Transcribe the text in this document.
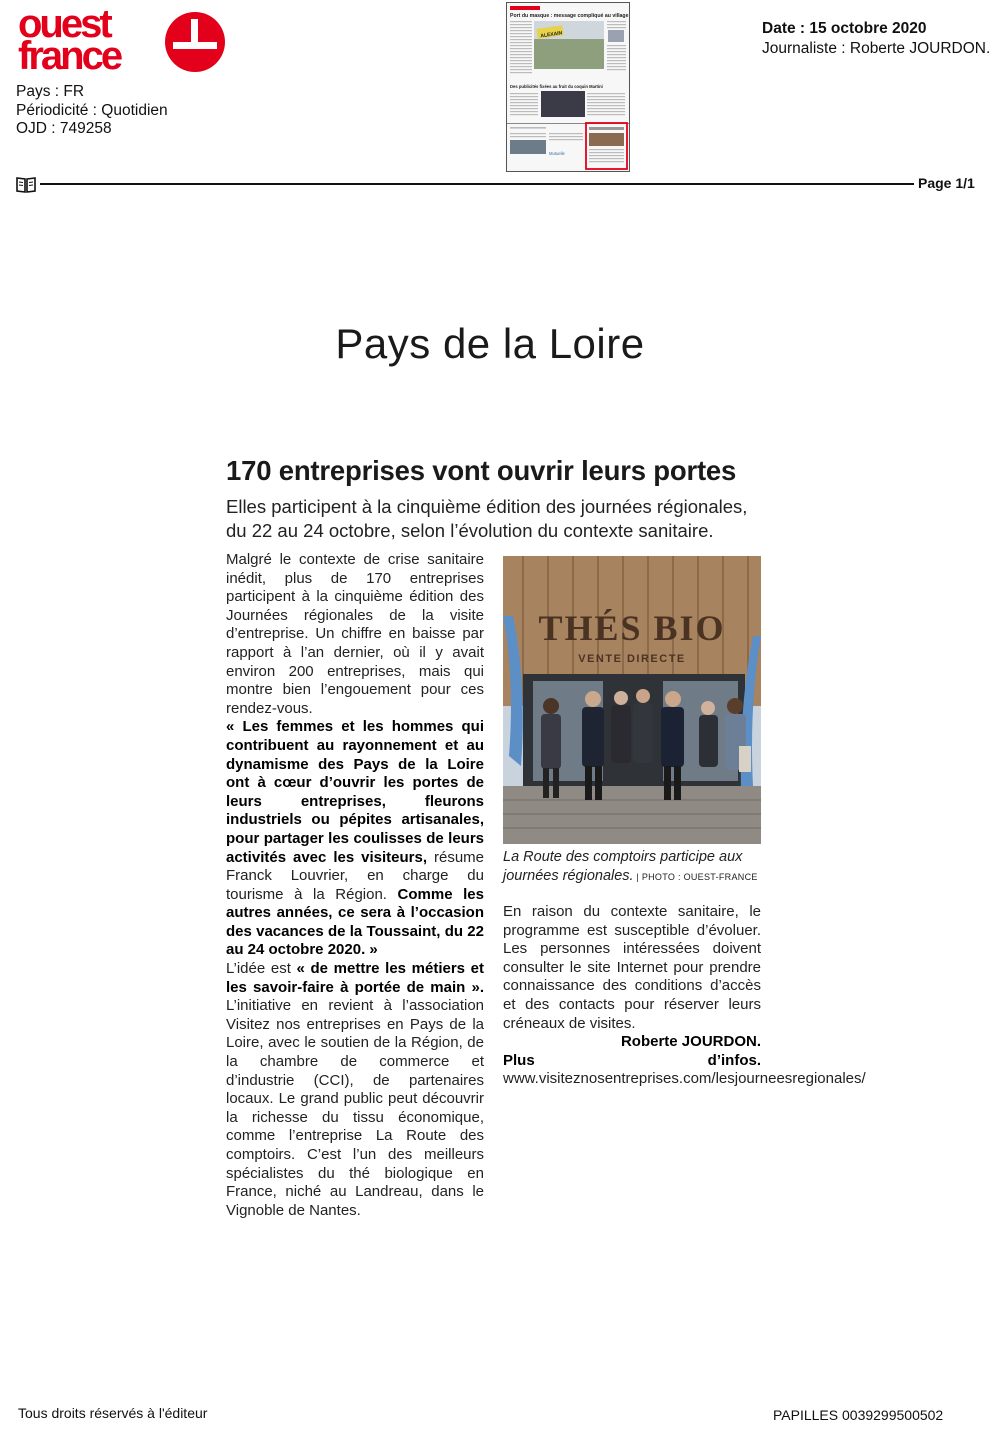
ouest
france
Pays : FR
Périodicité : Quotidien
OJD : 749258
Port du masque : message compliqué au village
ALEXAIN
Des publicités fixées au fruit du coquin Martini
Mutuelle
Date : 15 octobre 2020
Journaliste : Roberte JOURDON.
Page 1/1
Pays de la Loire
170 entreprises vont ouvrir leurs portes
Elles participent à la cinquième édition des journées régionales, du 22 au 24 octobre, selon l’évolution du contexte sanitaire.

Malgré le contexte de crise sanitaire inédit, plus de 170 entreprises participent à la cinquième édition des Journées régionales de la visite d’entreprise. Un chiffre en baisse par rapport à l’an dernier, où il y avait environ 200 entreprises, mais qui montre bien l’engouement pour ces rendez-vous.

« Les femmes et les hommes qui contribuent au rayonnement et au dynamisme des Pays de la Loire ont à cœur d’ouvrir les portes de leurs entreprises, fleurons industriels ou pépites artisanales, pour partager les coulisses de leurs activités avec les visiteurs, résume Franck Louvrier, en charge du tourisme à la Région. Comme les autres années, ce sera à l’occasion des vacances de la Toussaint, du 22 au 24 octobre 2020. »

L’idée est « de mettre les métiers et les savoir-faire à portée de main ». L’initiative en revient à l’association Visitez nos entreprises en Pays de la Loire, avec le soutien de la Région, de la chambre de commerce et d’industrie (CCI), de partenaires locaux. Le grand public peut découvrir la richesse du tissu économique, comme l’entreprise La Route des comptoirs. C’est l’un des meilleurs spécialistes du thé biologique en France, niché au Landreau, dans le Vignoble de Nantes.

THÉS BIO
VENTE DIRECTE
La Route des comptoirs participe aux journées régionales. | PHOTO : OUEST-FRANCE

En raison du contexte sanitaire, le programme est susceptible d’évoluer. Les personnes intéressées doivent consulter le site Internet pour prendre connaissance des conditions d’accès et des contacts pour réserver leurs créneaux de visites.

Roberte JOURDON.

Plus d’infos. www.visiteznosentreprises.com/lesjourneesregionales/

Tous droits réservés à l'éditeur	PAPILLES 0039299500502
